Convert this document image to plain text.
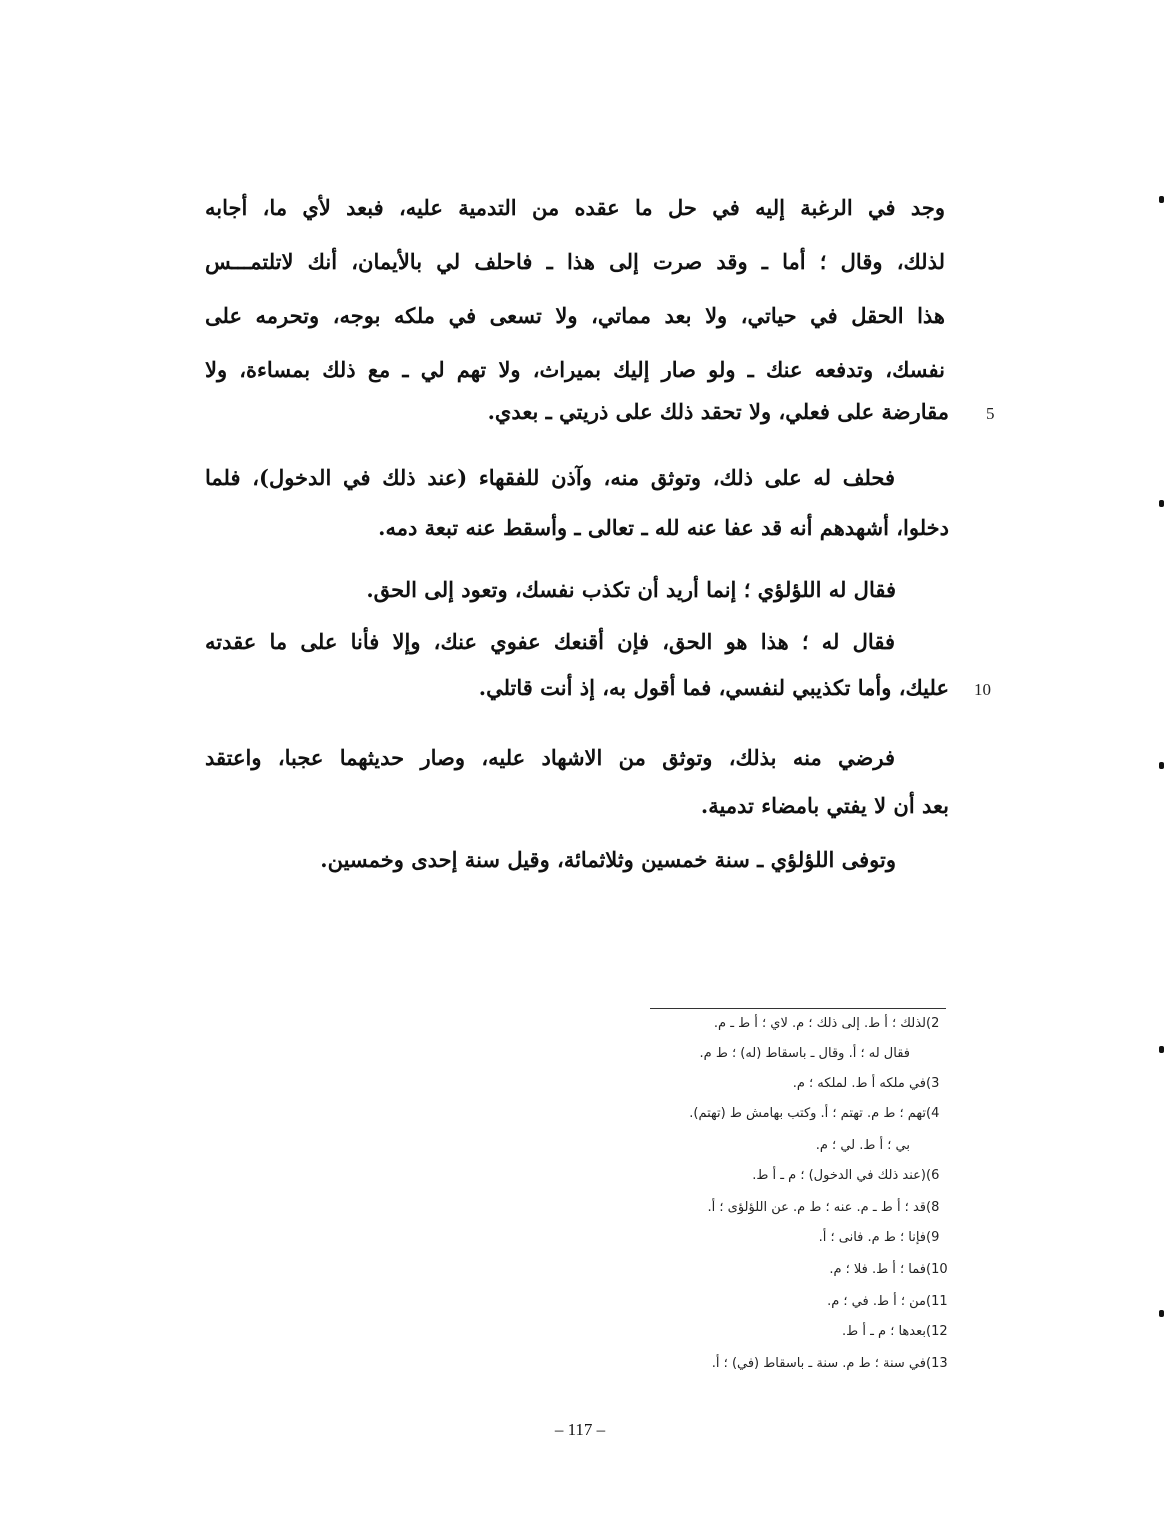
وجد في الرغبة إليه في حل ما عقده من التدمية عليه، فبعد لأي ما، أجابه
لذلك، وقال ؛ أما ـ وقد صرت إلى هذا ـ فاحلف لي بالأيمان، أنك لاتلتمـــس
هذا الحقل في حياتي، ولا بعد مماتي، ولا تسعى في ملكه بوجه، وتحرمه على
نفسك، وتدفعه عنك ـ ولو صار إليك بميراث، ولا تهم لي ـ مع ذلك بمساءة، ولا
مقارضة على فعلي، ولا تحقد ذلك على ذريتي ـ بعدي. 5
فحلف له على ذلك، وتوثق منه، وآذن للفقهاء (عند ذلك في الدخول)، فلما
دخلوا، أشهدهم أنه قد عفا عنه لله ـ تعالى ـ وأسقط عنه تبعة دمه.
فقال له اللؤلؤي ؛ إنما أريد أن تكذب نفسك، وتعود إلى الحق.
فقال له ؛ هذا هو الحق، فإن أقنعك عفوي عنك، وإلا فأنا على ما عقدته
عليك، وأما تكذيبي لنفسي، فما أقول به، إذ أنت قاتلي. 10
فرضي منه بذلك، وتوثق من الاشهاد عليه، وصار حديثهما عجبا، واعتقد
بعد أن لا يفتي بامضاء تدمية.
وتوفى اللؤلؤي ـ سنة خمسين وثلاثمائة، وقيل سنة إحدى وخمسين.
2)لذلك ؛ أ ط. إلى ذلك ؛ م. لاي ؛ أ ط ـ م.
فقال له ؛ أ. وقال ـ باسقاط (له) ؛ ط م.
3)في ملكه أ ط. لملكه ؛ م.
4)تهم ؛ ط م. تهتم ؛ أ. وكتب بهامش ط (تهتم).
بي ؛ أ ط. لي ؛ م.
6)(عند ذلك في الدخول) ؛ م ـ أ ط.
8)قد ؛ أ ط ـ م. عنه ؛ ط م. عن اللؤلؤى ؛ أ.
9)فإنا ؛ ط م. فانى ؛ أ.
10)فما ؛ أ ط. فلا ؛ م.
11)من ؛ أ ط. في ؛ م.
12)بعدها ؛ م ـ أ ط.
13)في سنة ؛ ط م. سنة ـ باسقاط (في) ؛ أ.
– 117 –
